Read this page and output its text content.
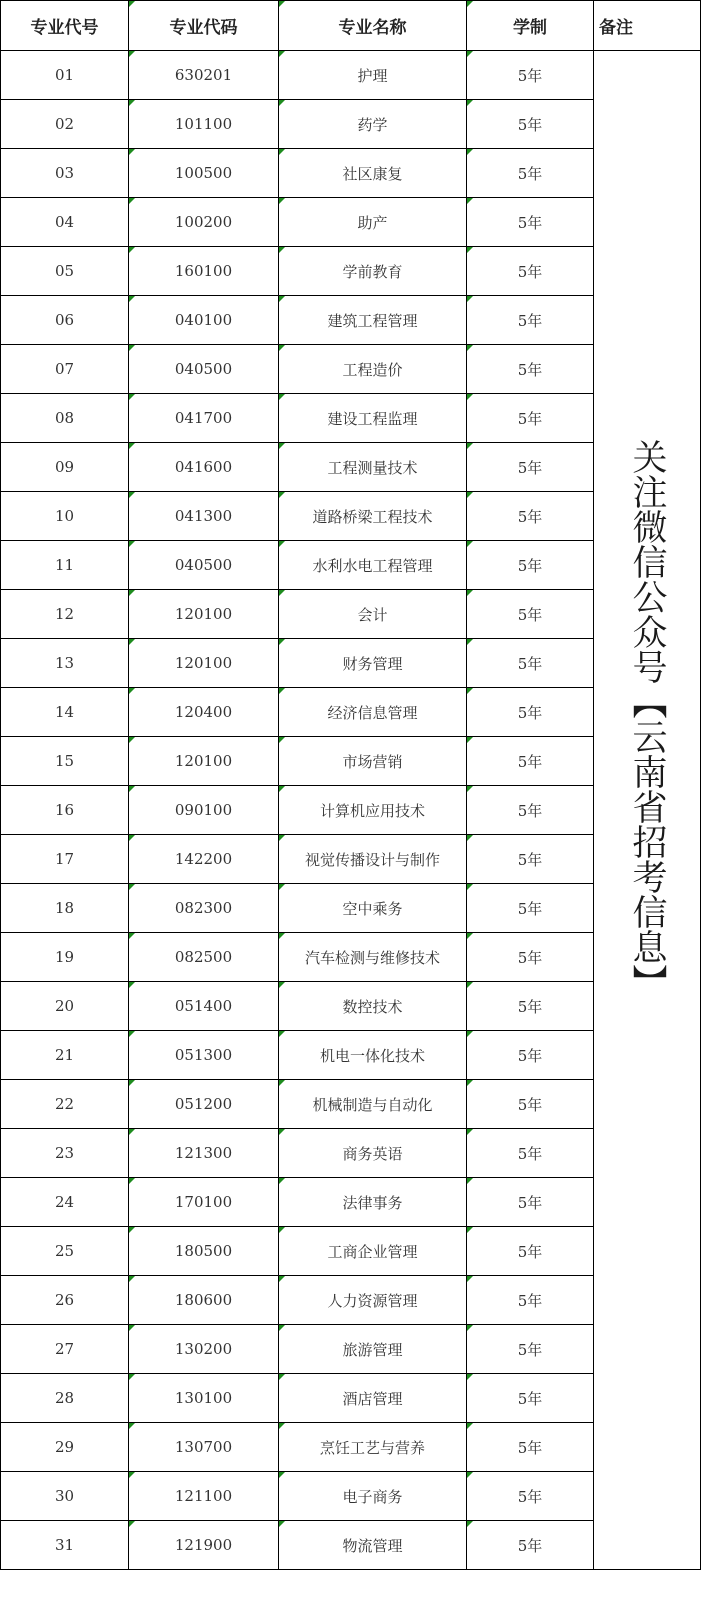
专业代号	专业代码	专业名称	学制	备注
01	630201	护理	5年	关注微信公众号【云南省招考信息】

02	101100	药学	5年	
03	100500	社区康复	5年	
04	100200	助产	5年	
05	160100	学前教育	5年	
06	040100	建筑工程管理	5年	
07	040500	工程造价	5年	
08	041700	建设工程监理	5年	
09	041600	工程测量技术	5年	
10	041300	道路桥梁工程技术	5年	
11	040500	水利水电工程管理	5年	
12	120100	会计	5年	
13	120100	财务管理	5年	
14	120400	经济信息管理	5年	
15	120100	市场营销	5年	
16	090100	计算机应用技术	5年	
17	142200	视觉传播设计与制作	5年	
18	082300	空中乘务	5年	
19	082500	汽车检测与维修技术	5年	
20	051400	数控技术	5年	
21	051300	机电一体化技术	5年	
22	051200	机械制造与自动化	5年	
23	121300	商务英语	5年	
24	170100	法律事务	5年	
25	180500	工商企业管理	5年	
26	180600	人力资源管理	5年	
27	130200	旅游管理	5年	
28	130100	酒店管理	5年	
29	130700	烹饪工艺与营养	5年	
30	121100	电子商务	5年	
31	121900	物流管理	5年	
